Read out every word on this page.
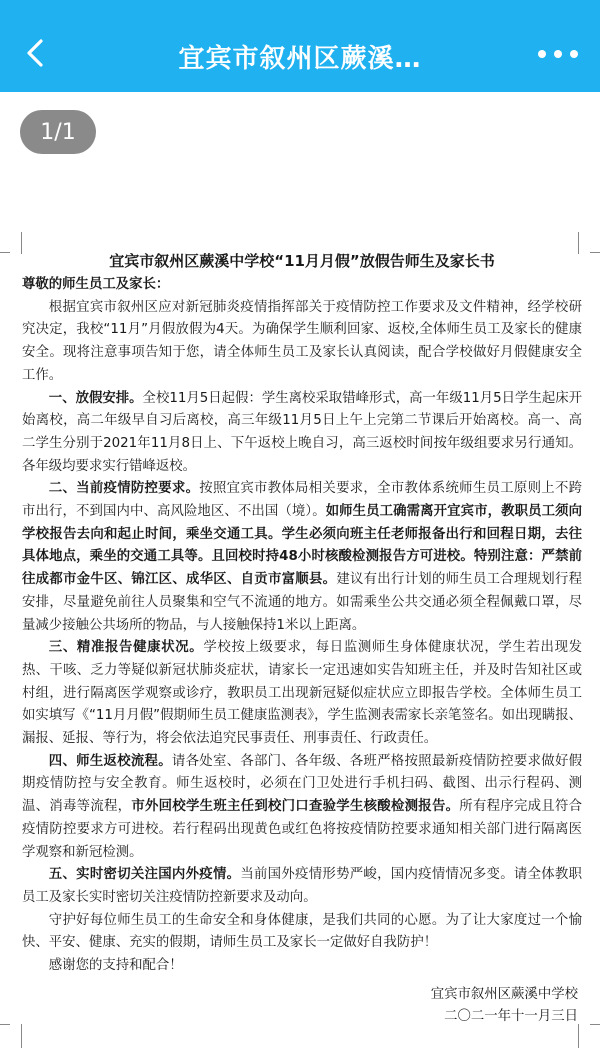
宜宾市叙州区蕨溪…
1/1
宜宾市叙州区蕨溪中学校“11月月假”放假告师生及家长书
尊敬的师生员工及家长：

根据宜宾市叙州区应对新冠肺炎疫情指挥部关于疫情防控工作要求及文件精神，经学校研究决定，我校“11月”月假放假为4天。为确保学生顺利回家、返校,全体师生员工及家长的健康安全。现将注意事项告知于您，请全体师生员工及家长认真阅读，配合学校做好月假健康安全工作。

一、放假安排。全校11月5日起假：学生离校采取错峰形式，高一年级11月5日学生起床开始离校，高二年级早自习后离校，高三年级11月5日上午上完第二节课后开始离校。高一、高二学生分别于2021年11月8日上、下午返校上晚自习，高三返校时间按年级组要求另行通知。各年级均要求实行错峰返校。

二、当前疫情防控要求。按照宜宾市教体局相关要求，全市教体系统师生员工原则上不跨市出行，不到国内中、高风险地区、不出国（境）。如师生员工确需离开宜宾市，教职员工须向学校报告去向和起止时间，乘坐交通工具。学生必须向班主任老师报备出行和回程日期，去往具体地点，乘坐的交通工具等。且回校时持48小时核酸检测报告方可进校。特别注意：严禁前往成都市金牛区、锦江区、成华区、自贡市富顺县。建议有出行计划的师生员工合理规划行程安排，尽量避免前往人员聚集和空气不流通的地方。如需乘坐公共交通必须全程佩戴口罩，尽量减少接触公共场所的物品，与人接触保持1米以上距离。

三、精准报告健康状况。学校按上级要求，每日监测师生身体健康状况，学生若出现发热、干咳、乏力等疑似新冠状肺炎症状，请家长一定迅速如实告知班主任，并及时告知社区或村组，进行隔离医学观察或诊疗，教职员工出现新冠疑似症状应立即报告学校。全体师生员工如实填写《“11月月假”假期师生员工健康监测表》，学生监测表需家长亲笔签名。如出现瞒报、漏报、延报、等行为，将会依法追究民事责任、刑事责任、行政责任。

四、师生返校流程。请各处室、各部门、各年级、各班严格按照最新疫情防控要求做好假期疫情防控与安全教育。师生返校时，必须在门卫处进行手机扫码、截图、出示行程码、测温、消毒等流程，市外回校学生班主任到校门口查验学生核酸检测报告。所有程序完成且符合疫情防控要求方可进校。若行程码出现黄色或红色将按疫情防控要求通知相关部门进行隔离医学观察和新冠检测。

五、实时密切关注国内外疫情。当前国外疫情形势严峻，国内疫情情况多变。请全体教职员工及家长实时密切关注疫情防控新要求及动向。

守护好每位师生员工的生命安全和身体健康，是我们共同的心愿。为了让大家度过一个愉快、平安、健康、充实的假期，请师生员工及家长一定做好自我防护！

感谢您的支持和配合！

宜宾市叙州区蕨溪中学校
二〇二一年十一月三日
